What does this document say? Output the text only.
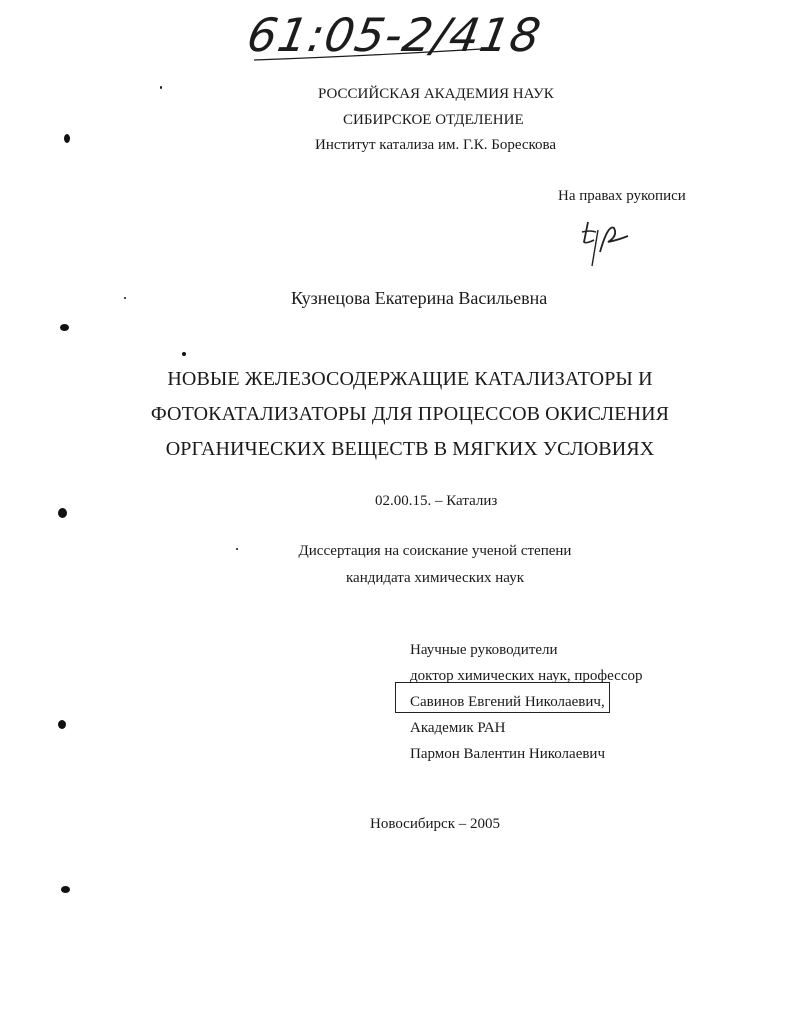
61:05-2/418
РОССИЙСКАЯ АКАДЕМИЯ НАУК
СИБИРСКОЕ ОТДЕЛЕНИЕ
Институт катализа им. Г.К. Борескова
На правах рукописи
Кузнецова Екатерина Васильевна
НОВЫЕ ЖЕЛЕЗОСОДЕРЖАЩИЕ КАТАЛИЗАТОРЫ И
ФОТОКАТАЛИЗАТОРЫ ДЛЯ ПРОЦЕССОВ ОКИСЛЕНИЯ
ОРГАНИЧЕСКИХ ВЕЩЕСТВ В МЯГКИХ УСЛОВИЯХ
02.00.15. – Катализ
Диссертация на соискание ученой степени
кандидата химических наук
Научные руководители
доктор химических наук, профессор
Савинов Евгений Николаевич,
Академик РАН
Пармон Валентин Николаевич
Новосибирск – 2005
